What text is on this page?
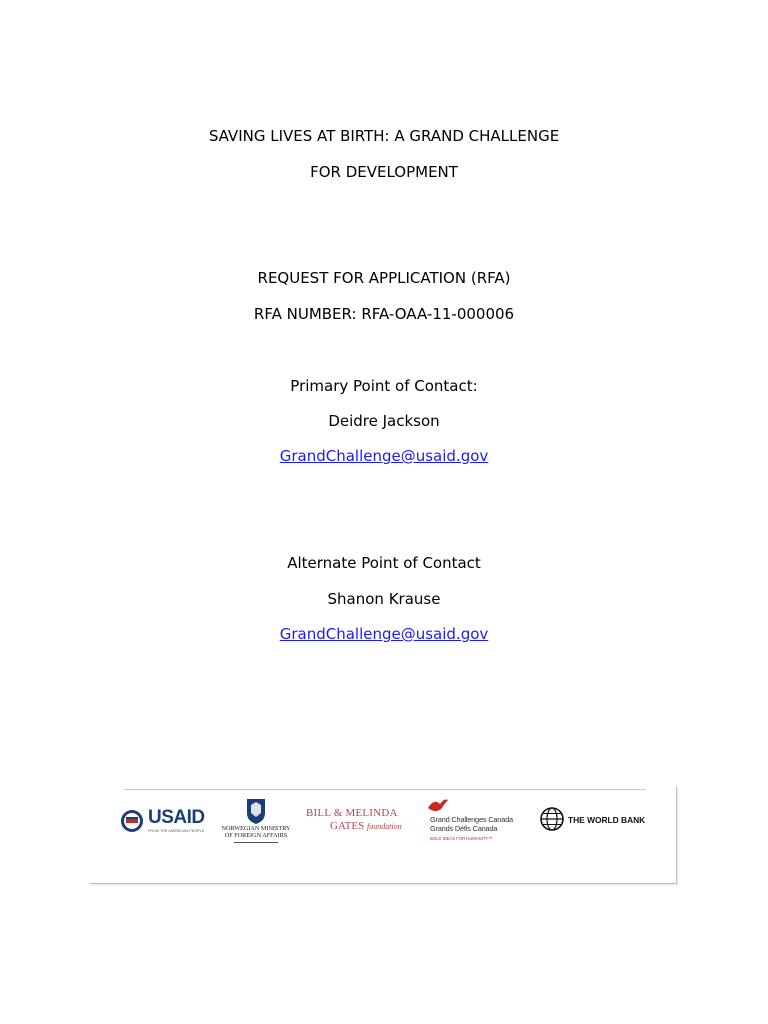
SAVING LIVES AT BIRTH: A GRAND CHALLENGE
FOR DEVELOPMENT
REQUEST FOR APPLICATION (RFA)
RFA NUMBER: RFA-OAA-11-000006
Primary Point of Contact:
Deidre Jackson
GrandChallenge@usaid.gov
Alternate Point of Contact
Shanon Krause
GrandChallenge@usaid.gov
USAID
FROM THE AMERICAN PEOPLE	NORWEGIAN MINISTRY
OF FOREIGN AFFAIRS
BILL & MELINDA
GATES foundation
Grand Challenges Canada
Grands Défis Canada
BOLD IDEAS FOR HUMANITY™
THE WORLD BANK
